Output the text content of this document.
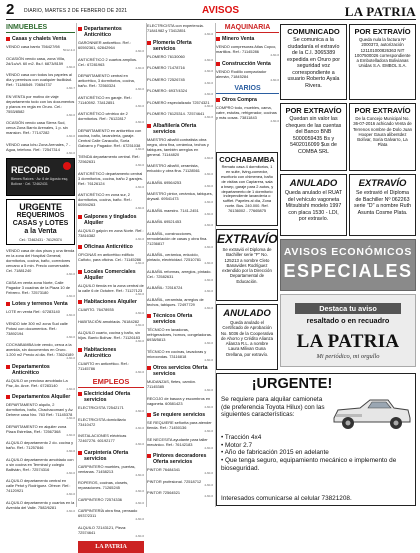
2 DIARIO, MARTES 2 DE FEBRERO DE 2021	AVISOS	LA PATRIA
INMUEBLES
Casas y chalets Venta
VENDO casa barrio 756427/98
5012-3-0
OCASIÓN vendo casa, zona Villa, 2d/1c/c/t. 60 m2. Bs.f. 6873/8159
4-60-6
VENDO casa con todos los papeles al día y permisos con cualquier facilidad. Ref.: 71186549. 70654737
4-60-7
EN VENTA por motivo de viaje departamento todo con los documentos y planos en regla en Oruro. Cel.: 7553/8582
4-60-6
OCASIÓN vendo casa Sierra Sud, cerca Zona Barrio Arenales, 1 p. sin mansion. Ref.: 77147282
4-60-6
VENDO casa Ichu Zona Arenales, 7 - Agua, telefono. Ref.: 72547314
4-60-6
RECORD
Bienes Raíces · Av. 6 de Agosto esq. Bolívar · Cel. 72462431
URGENTE
REQUERIMOS
CASAS y LOTES
a la Venta
Cel.: 72462431 · 76129374
VENDO casa de dos pisos y una tienda en la zona del Hospital General; dormitorios, cocina, baño, corredores cercano a 5 min. Precio conversable. Cel. 71881240
4-60-6
CASA en venta zona Norte, Calle Pagador 3 cuadras de la Plaza 10 de Febrero. Ref.: 72573180
4-60-6
Lotes y terrenos Venta
LOTE en venta Ref.: 67283140
4-60-6
VENDO lote 300 m2 zona Sud calle Potosí con documentos. Ref.: 73892194
4-60-6
COCHABAMBA lote vendo, cerca a la avenida, sin documentos en Oruro. 1.200 m2 Precio al dia. Ref.: 73624189
4-60-6
Departamentos Anticrético
ALQUILO un precioso amoblado La Paz, Av. Arce. Ref.: 67283140
4-60-6
Departamentos Alquiler
DEPARTAMENTO alquilo, 2 dormitorios, baño, Chachacomani y Av. Dehene casa Nro. 763 Ref.: 71145378
4-60-6
DEPARTAMENTO en alquiler zona Plaza Estrellas, Ref.: 72567368
4-60-6
ALQUILO departamento 2 do. cocina y baño. Ref.: 71257846
4-60-6
ALQUILO departamento amoblado con o sin cocina en Terminal y colegio Ballivián, Ref.: 72574316
4-60-6
ALQUILO departamento central en calle Petot y Rodríguez. Ofrece: Ref.: 74120921
4-60-6
ALQUILO departamento y cuartos en la Avenida del Valle. 7582/6281
4-60-6
Departamentos Anticrético
GARONNIER anticrético. Ref.: 60592361, 62842964
4-60-6
ANTICRÉTICO 2 cuartos amplios. Cel.: 67281963
4-60-6
DEPARTAMENTO central en anticrético, 3 dormitorios, cocina, baño. Ref.: 72560324
4-60-6
ANTICRÉTICO en garaje. Ref.: 71140592. 73412851
4-60-6
ANTICRÉTICO céntrico de 2 dormitorios. Ref.: 76122817
4-60-6
DEPARTAMENTO en anticrético con cocina, baño, lavandería, garaje. Central Calle Caracollo, Soria Galvarro y Pagador. Ref.: 67251038
4-60-6
TIENDA departamento central. Ref.: 72562631
4-60-6
ANTICRÉTICO departamento central 3 dormitorios, cocina, baño 2 garajes. Ref.: 76126124
4-60-6
ANTICRÉTICO en zona sur, 2 dormitorios, cocina, baño. Ref.: 60594263
4-60-6
Galpones y tinglados Alquiler
ALQUILO galpón en zona Norte. Ref.: 73816382
4-60-6
Oficinas Anticrético
OFICINAS en anticrético edificio Cañoto, para oficina. Cel.: 71145286
4-60-6
Locales Comerciales Alquiler
ALQUILO tienda en la zona central de la calle 6 de Octubre. Ref.: 71127123
4-60-6
Habitaciones Alquiler
CUARTO. 76478935
4-60-6
HABITACIÓN amoblada. 76184282
4-60-6
ALQUILO cuarto, cocina y baño, sin hijos. Barrio Bolívar. Ref.: 71126183
4-60-6
Habitaciones Anticrético
CUARTO en anticrético. Ref.: 71145786
4-60-6
EMPLEOS
Electricidad Oferta servicios
ELECTRICISTA 72542171
4-60-6
ELECTRICISTA domiciliario 73410472
4-60-6
INSTALACIONES eléctricas 72467276. 60192177
4-60-6
Carpintería Oferta servicios
CARPINTERO muebles, puertas, ventanas. 71458213
4-60-6
ROPEROS, cocinas, closets, reparaciones. 71265245
4-60-6
CARPINTERO 72574336
4-60-6
CARPINTERÍA obra fina, pensado 6937/2311
4-60-6
ALQUILO 72143121, Pieza: 72574641
4-60-6
LA PATRIA
ELECTRICISTA con experiencia. 71841982 y 73412851
4-60-6
Plomería Oferta servicios
PLOMERO 76130060
4-60-6
PLOMERO 71478716
4-60-6
PLOMERO 72526745
4-60-6
PLOMERO: 6937/4324
4-60-6
PLOMERO especializado 72574321
4-60-6
PLOMERO 76125314. 72574641
4-60-6
Albañilería Oferta servicios
MAESTRO albañil contratista obra negra, obra fina, cerámica, techos y tabiques, también arreglos en general. 71144820
4-60-6
MAESTRO albañil, ceramista, enlucido y obra fina. 71128561
4-60-6
ALBAÑIL 69564253
4-60-6
MAESTRO pintor, cerámica, tabiques, drywall. 69541473
4-60-6
ALBAÑIL maestro. 7141-2451
4-60-6
ALBAÑIL 69521453
4-60-6
ALBAÑIL, construcciones, remodelación de casas y obra fina. 71236817
4-60-6
ALBAÑIL, cerámica, enlucido, pintado, electricidad. 72510781
4-60-6
ALBAÑIL reformas, arreglos, pintado. Cel.: 72582631
4-60-6
ALBAÑIL: 72516724
4-60-6
ALBAÑIL, ceramista, arreglos de techos, tabiques. 72497729
4-60-6
Técnicos Oferta servicios
TÉCNICO en lavadoras, refrigeradores, hornos, congeladoras. 6938/5813
4-60-6
TÉCNICO en cocinas, lavadoras y microondas. 73116818
4-60-6
Otros servicios Oferta servicios
MUDANZAS, fletes, camión. 71145385
4-60-6
RECOJO de basura y escombros en vagoneta. 60581423
4-60-6
Se requiere servicios
SE REQUIERE señorita para atender tienda. Ref.: 71450136
4-60-6
SE NECESITA ayudante para taller mecánico. Ref.: 76142183
4-60-6
Pintores decoradores Oferta servicios
PINTOR 76484341
4-60-6
PINTOR profesional. 72518712
4-60-6
PINTOR 72564521
4-60-6
MAQUINARIA
Minero Venta
VENDO compresoras Atlas Copco, martillos. Ref.: 71145286
4-60-6
Construcción Venta
VENDO Rodillo compactador alemán, 71845284
4-60-6
VARIOS
Otros Compra
COMPRO todo, muebles, cama, catre, estufas, refrigerador, cocinas y más cosas. 73811843
4-60-6
COMUNICADO
Se comunica a la ciudadanía el extravío de la C.I. 3065389 expedida en Oruro por seguridad voz correspondiente a usuario Roberto Ayala Rivera.
POR EXTRAVÍO
Queda nula la factura Nº 2000373, autorización 121101000826363 NIT 1007500026 correspondiente a Embotelladora Bolivianas Unidas S.A. EMBOL S.A.
POR EXTRAVÍO
Quedan sin valor las cheques de las cuentas del Banco BNB 5000059435 Bs y 5402016099 $us de COMBA SRL
POR EXTRAVÍO
De la Concejo Municipal No. 36-07-2016 achicado Venta de Terrenos nombre de Dolo Juan Hooper Gaura alibentdez Bolívar, Soria Galvarro, La Plata
COCHABAMBA
Remato casa 4 dormitorios, 1 en suite, living-comedor, escritorio con chimenea, baño de visitas con Capiarera, sala a bwep, garaje para 2 autos, y departamento de 1 dormitorio independiente lavandería o sufflet. Papeles al día, Zona norte. Bus. 240.000. Ref. 76136002 - 77665875
ANULADO
Queda anulado el RUAT del vehículo vagoneta Mitsubishi modelo 1997 con placa 1530 - LDI, por extravío.
EXTRAVÍO
Se extravió el Diploma de Bachiller Nº 062263 serie "D" a nombre Ruth Asunta Cosme Plata.
EXTRAVÍO
Se extravió el Diploma de Bachiller serie "F" No. 125213 a nombre Cleto Banavides Rodríguez extendido por la Dirección Departamental de Educación.
ANULADO
Queda anulado el Certificado de Aprobación No. 5036 de la Cooperativa de Ahorro y Crédito Alianza Alianza R.L. a nombre Laura Milivan Guna Orellana, por extravío.
AVISOS ECONÓMICOS
ESPECIALES
Destaca tu aviso
resaltado o en recuadro
LA PATRIA
Mi periódico, mi orgullo
¡URGENTE!
Se requiere para alquilar camioneta (de preferencia Toyota Hilux) con las siguientes características:
• Tracción 4x4
• Motor 2.7
• Año de fabricación 2015 en adelante
• Que tenga seguro, equipamiento mecánico e implemento de bioseguridad.
Interesados comunicarse al celular 73821208.
